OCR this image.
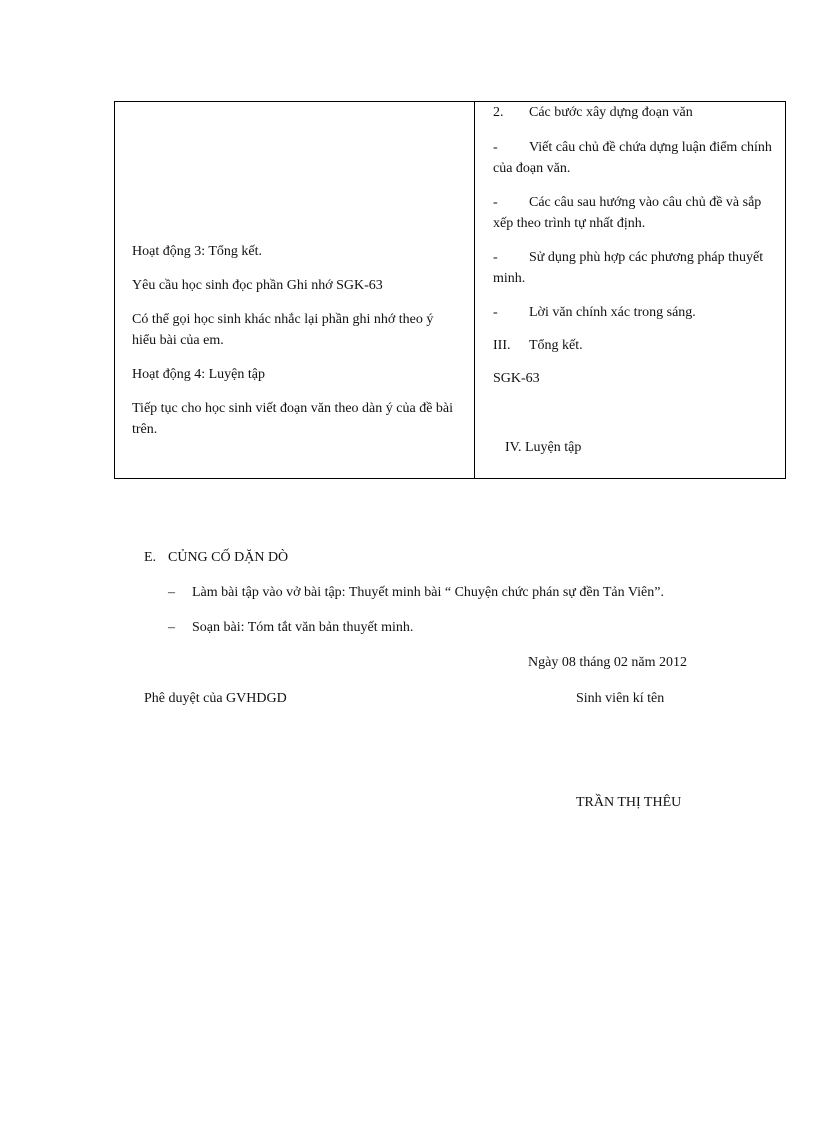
Hoạt động 3: Tổng kết.

Yêu cầu học sinh đọc phần Ghi nhớ SGK-63

Có thể gọi học sinh khác nhắc lại phần ghi nhớ theo ý hiểu bài của em.

Hoạt động 4: Luyện tập

Tiếp tục cho học sinh viết đoạn văn theo dàn ý của đề bài trên.

2. Các bước xây dựng đoạn văn

- Viết câu chủ đề chứa dựng luận điểm chính của đoạn văn.

- Các câu sau hướng vào câu chủ đề và sắp xếp theo trình tự nhất định.

- Sử dụng phù hợp các phương pháp thuyết minh.

- Lời văn chính xác trong sáng.

III. Tổng kết.

SGK-63

IV. Luyện tập

E. CỦNG CỐ DẶN DÒ

– Làm bài tập vào vở bài tập: Thuyết minh bài “ Chuyện chức phán sự đền Tản Viên”.

– Soạn bài: Tóm tắt văn bản thuyết minh.

Ngày 08 tháng 02 năm 2012
Phê duyệt của GVHDGD	Sinh viên kí tên
TRẦN THỊ THÊU
